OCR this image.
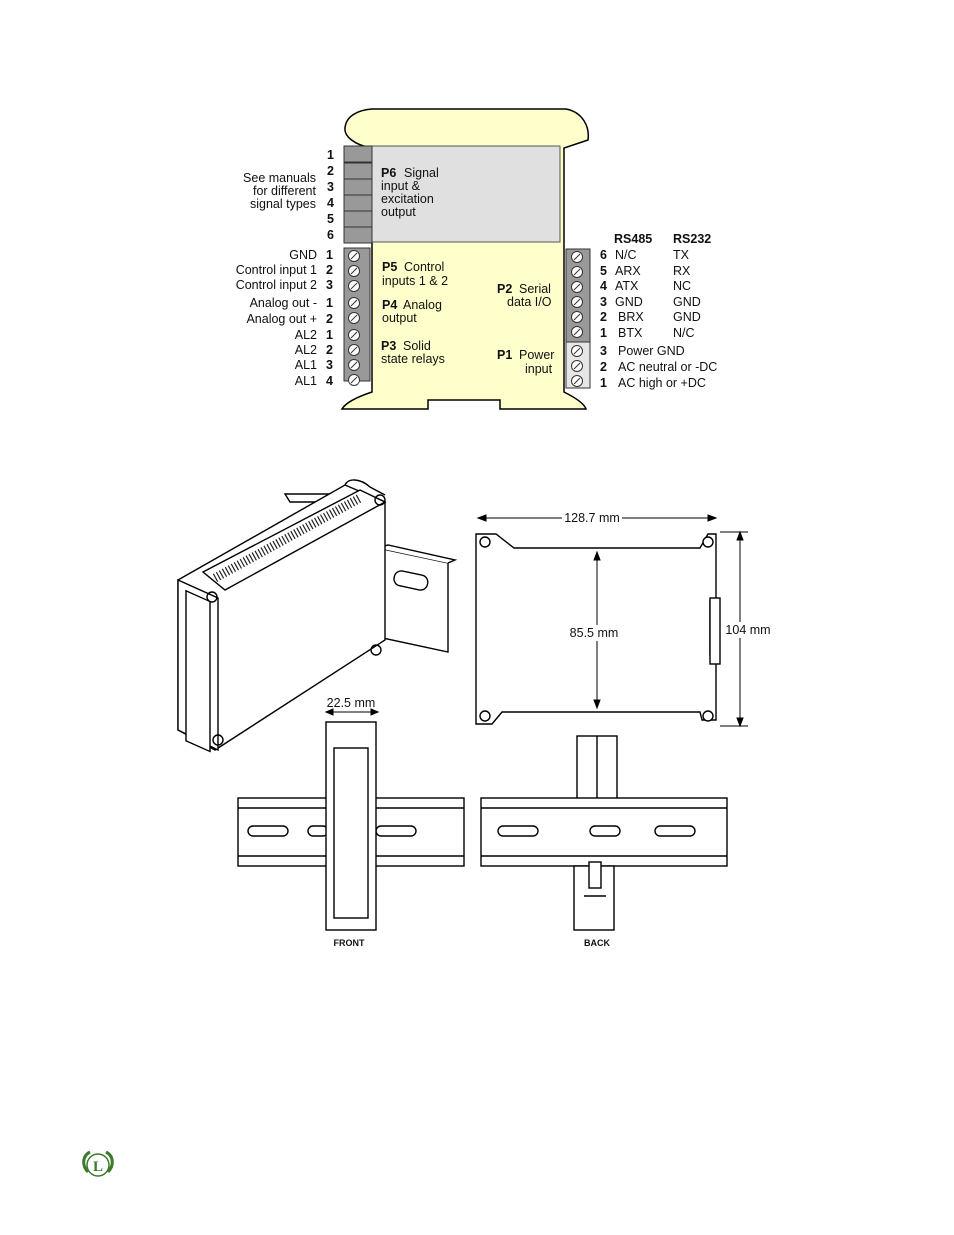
1
2
3
4
5
6
See manuals
for different
signal types
P6 Signal
input &
excitation
output
GND 1
Control input 1 2
Control input 2 3
P5 Control
inputs 1 & 2
Analog out - 1
Analog out + 2
P4 Analog
output
AL2 1
AL2 2
AL1 3
AL1 4
P3 Solid
state relays
P2 Serial
data I/O
RS485 RS232
6 N/C	TX
5 ARX	RX
4 ATX	NC
3 GND GND
2 BRX GND
1 BTX N/C
P1 Power
input
3 Power GND
2 AC neutral or -DC
1 AC high or +DC
128.7 mm
85.5 mm	104 mm
22.5 mm
FRONT	BACK
L
